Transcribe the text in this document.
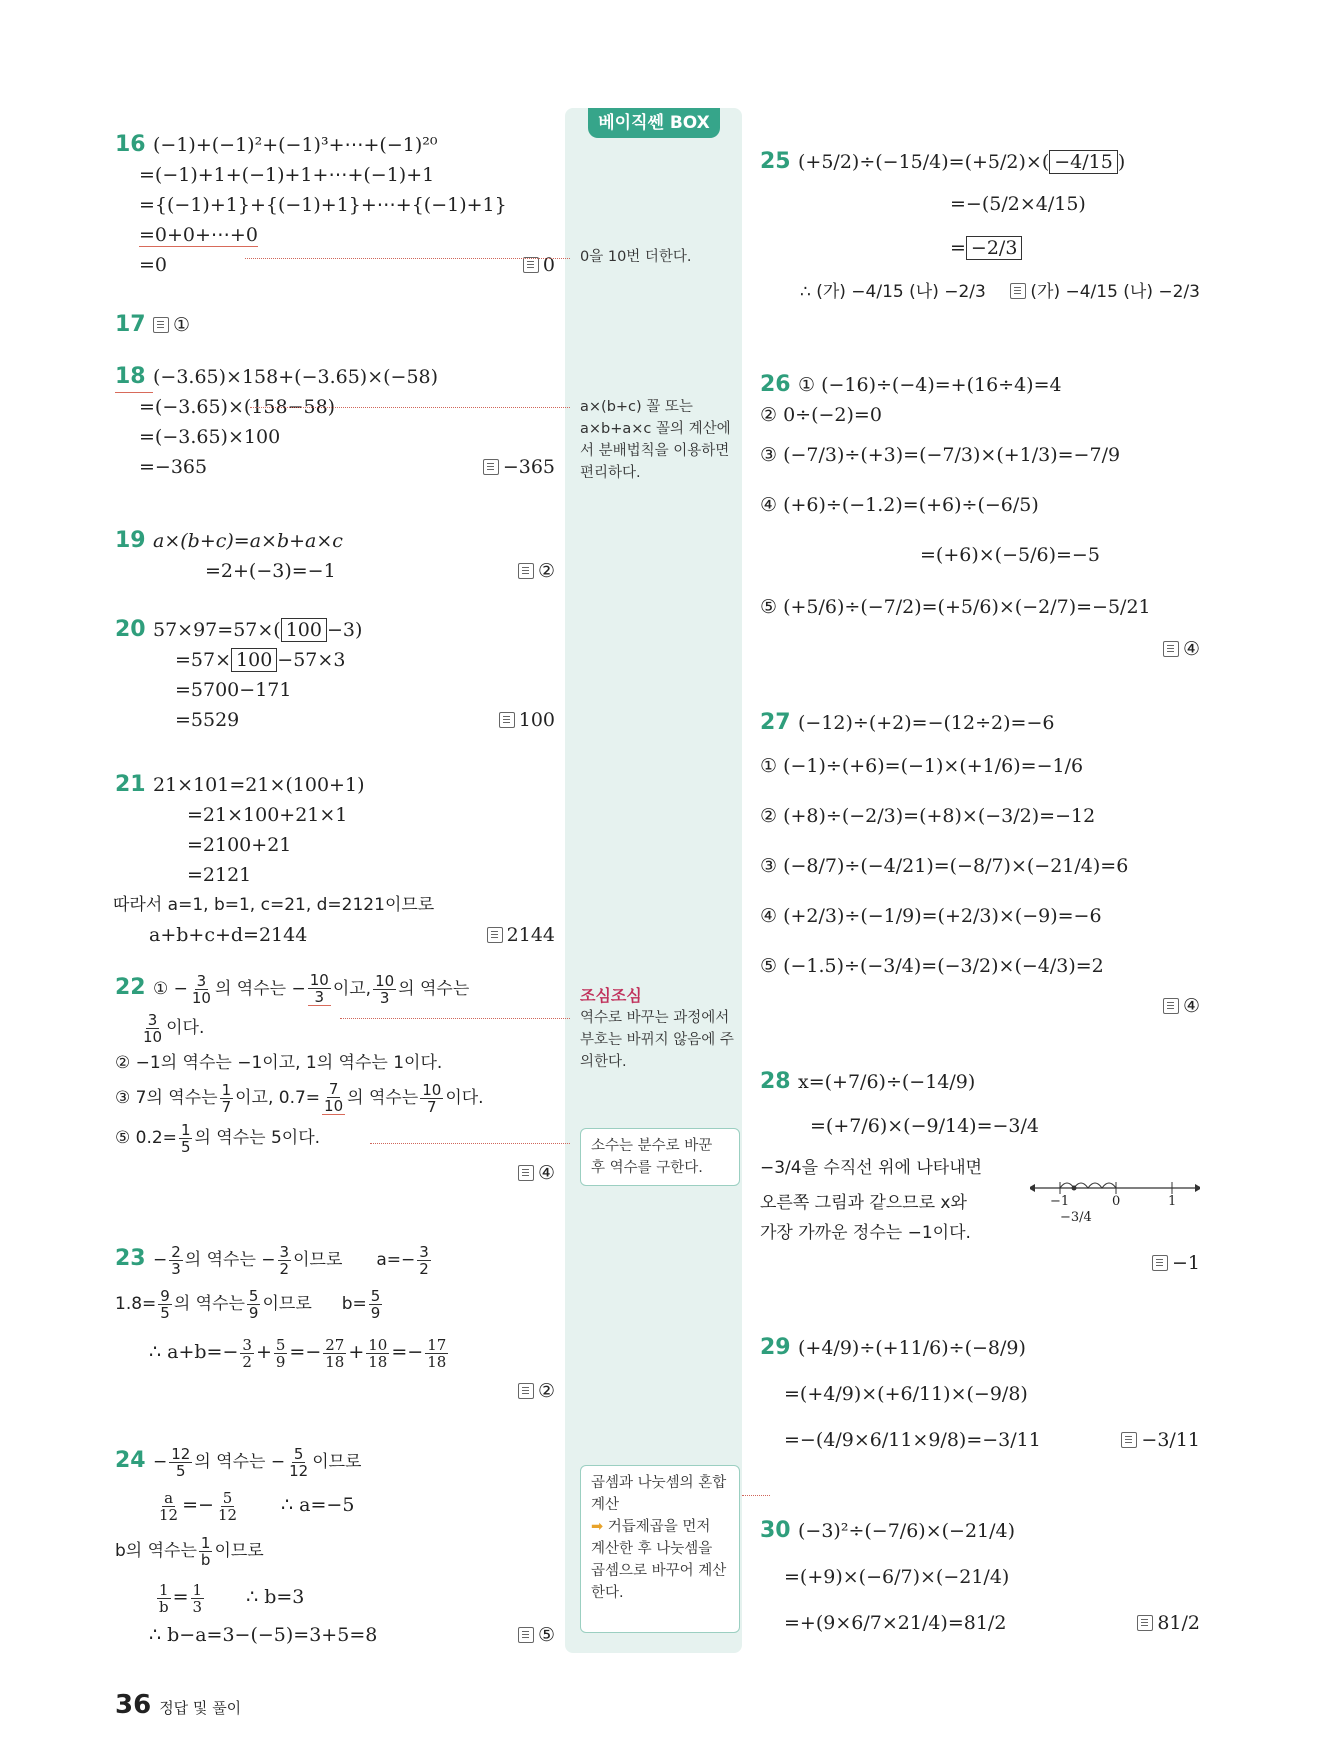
16 (−1)+(−1)²+(−1)³+⋯+(−1)²⁰
=(−1)+1+(−1)+1+⋯+(−1)+1
={(−1)+1}+{(−1)+1}+⋯+{(−1)+1}
=0+0+⋯+0
=0	0
17 ①
18 (−3.65)×158+(−3.65)×(−58)
=(−3.65)×(158−58)
=(−3.65)×100
=−365	−365
19 a×(b+c)=a×b+a×c
=2+(−3)=−1	②
20 57×97=57×( 100 −3)
=57× 100 −57×3
=5700−171
=5529	100
21 21×101=21×(100+1)
=21×100+21×1
=2100+21
=2121
따라서 a=1, b=1, c=21, d=2121이므로
a+b+c+d=2144	2144
22 ① − $\frac{3}{10}$ 의 역수는 − $\frac{10}{3}$ 이고, $\frac{10}{3}$ 의 역수는
$\frac{3}{10}$ 이다.
② −1의 역수는 −1이고, 1의 역수는 1이다.
③ 7의 역수는 $\frac{1}{7}$ 이고, $0.7= \frac{7}{10}$ 의 역수는 $\frac{10}{7}$ 이다.
⑤ $0.2= \frac{1}{5}$ 의 역수는 5이다.
④
$23 - \frac{2}{3}$ 의 역수는 − $\frac{3}{2}$ 이므로 $a=- \frac{3}{2}$
$1.8= \frac{9}{5}$ 의 역수는 $\frac{5}{9}$ 이므로 $b= \frac{5}{9}$
∴ $a+b=- \frac{3}{2} + \frac{5}{9} =- \frac{27}{18} + \frac{10}{18} =- \frac{17}{18}$
②
$24 - \frac{12}{5}$ 의 역수는 − $\frac{5}{12}$ 이므로
$\frac{a}{12} =- \frac{5}{12}$ ∴ a=−5
b의 역수는 $\frac{1}{b}$ 이므로
$\frac{1}{b} = \frac{1}{3}$ ∴ b=3
∴ b−a=3−(−5)=3+5=8	⑤
베이직쎈 BOX
0을 10번 더한다.
a×(b+c) 꼴 또는 a×b+a×c 꼴의 계산에서 분배법칙을 이용하면 편리하다.
조심조심
역수로 바꾸는 과정에서 부호는 바뀌지 않음에 주의한다.
소수는 분수로 바꾼 후 역수를 구한다.
곱셈과 나눗셈의 혼합 계산
➡ 거듭제곱을 먼저 계산한 후 나눗셈을 곱셈으로 바꾸어 계산한다.
25 (+5/2)÷(−15/4)=(+5/2)×( −4/15 )
=−(5/2×4/15)
= −2/3
∴ (가) −4/15 (나) −2/3	(가) −4/15 (나) −2/3
26 ① (−16)÷(−4)=+(16÷4)=4
② 0÷(−2)=0
③ (−7/3)÷(+3)=(−7/3)×(+1/3)=−7/9
④ (+6)÷(−1.2)=(+6)÷(−6/5)
=(+6)×(−5/6)=−5
⑤ (+5/6)÷(−7/2)=(+5/6)×(−2/7)=−5/21
④
27 (−12)÷(+2)=−(12÷2)=−6
① (−1)÷(+6)=(−1)×(+1/6)=−1/6
② (+8)÷(−2/3)=(+8)×(−3/2)=−12
③ (−8/7)÷(−4/21)=(−8/7)×(−21/4)=6
④ (+2/3)÷(−1/9)=(+2/3)×(−9)=−6
⑤ (−1.5)÷(−3/4)=(−3/2)×(−4/3)=2
④
28 x=(+7/6)÷(−14/9)
=(+7/6)×(−9/14)=−3/4
−3/4을 수직선 위에 나타내면
오른쪽 그림과 같으므로 x와
가장 가까운 정수는 −1이다.
−1
−1	0	1
−3/4
29 (+4/9)÷(+11/6)÷(−8/9)
=(+4/9)×(+6/11)×(−9/8)
=−(4/9×6/11×9/8)=−3/11	−3/11
30 (−3)²÷(−7/6)×(−21/4)
=(+9)×(−6/7)×(−21/4)
=+(9×6/7×21/4)=81/2	81/2
36 정답 및 풀이
